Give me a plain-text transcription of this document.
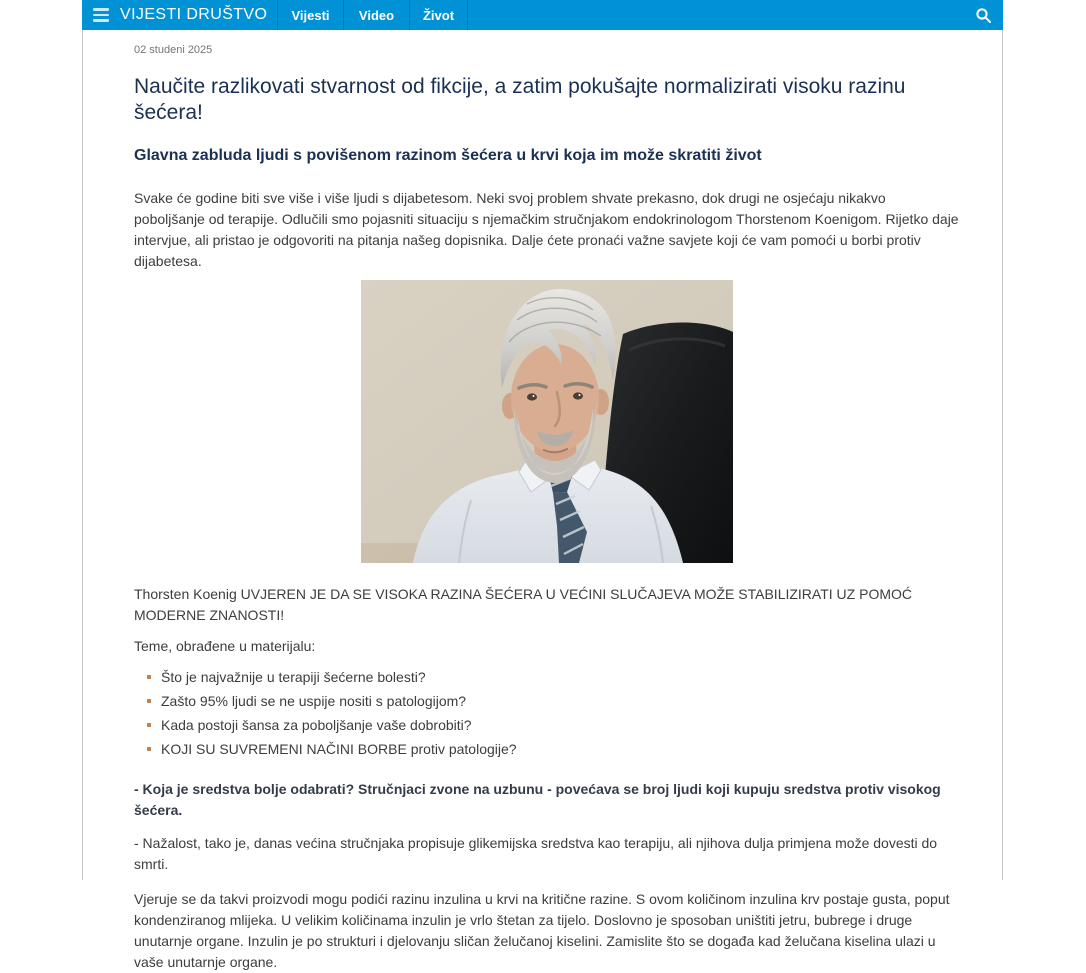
VIJESTI DRUŠTVO	Vijesti	Video	Život
02 studeni 2025
Naučite razlikovati stvarnost od fikcije, a zatim pokušajte normalizirati visoku razinu šećera!
Glavna zabluda ljudi s povišenom razinom šećera u krvi koja im može skratiti život

Svake će godine biti sve više i više ljudi s dijabetesom. Neki svoj problem shvate prekasno, dok drugi ne osjećaju nikakvo poboljšanje od terapije. Odlučili smo pojasniti situaciju s njemačkim stručnjakom endokrinologom Thorstenom Koenigom. Rijetko daje intervjue, ali pristao je odgovoriti na pitanja našeg dopisnika. Dalje ćete pronaći važne savjete koji će vam pomoći u borbi protiv dijabetesa.

Thorsten Koenig UVJEREN JE DA SE VISOKA RAZINA ŠEĆERA U VEĆINI SLUČAJEVA MOŽE STABILIZIRATI UZ POMOĆ MODERNE ZNANOSTI!

Teme, obrađene u materijalu:

Što je najvažnije u terapiji šećerne bolesti?
Zašto 95% ljudi se ne uspije nositi s patologijom?
Kada postoji šansa za poboljšanje vaše dobrobiti?
KOJI SU SUVREMENI NAČINI BORBE protiv patologije?

- Koja je sredstva bolje odabrati? Stručnjaci zvone na uzbunu - povećava se broj ljudi koji kupuju sredstva protiv visokog šećera.

- Nažalost, tako je, danas većina stručnjaka propisuje glikemijska sredstva kao terapiju, ali njihova dulja primjena može dovesti do smrti.

Vjeruje se da takvi proizvodi mogu podići razinu inzulina u krvi na kritične razine. S ovom količinom inzulina krv postaje gusta, poput kondenziranog mlijeka. U velikim količinama inzulin je vrlo štetan za tijelo. Doslovno je sposoban uništiti jetru, bubrege i druge unutarnje organe. Inzulin je po strukturi i djelovanju sličan želučanoj kiselini. Zamislite što se događa kad želučana kiselina ulazi u vaše unutarnje organe.
